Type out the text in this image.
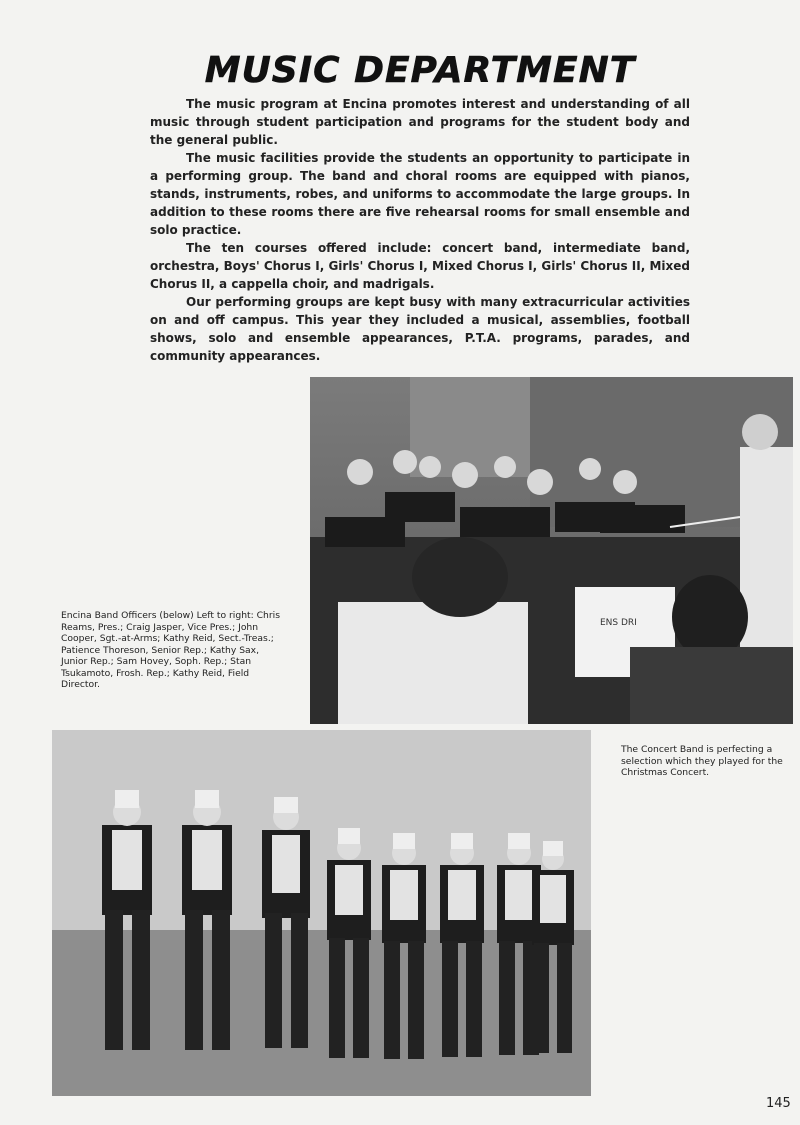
MUSIC DEPARTMENT

The music program at Encina promotes interest and understanding of all music through student participation and programs for the student body and the general public.

The music facilities provide the students an opportunity to participate in a performing group. The band and choral rooms are equipped with pianos, stands, instruments, robes, and uniforms to accommodate the large groups. In addition to these rooms there are five rehearsal rooms for small ensemble and solo practice.

The ten courses offered include: concert band, intermediate band, orchestra, Boys' Chorus I, Girls' Chorus I, Mixed Chorus I, Girls' Chorus II, Mixed Chorus II, a cappella choir, and madrigals.

Our performing groups are kept busy with many extracurricular activities on and off campus. This year they included a musical, assemblies, football shows, solo and ensemble appearances, P.T.A. programs, parades, and community appearances.

ENS DRI
Encina Band Officers (below) Left to right: Chris Reams, Pres.; Craig Jasper, Vice Pres.; John Cooper, Sgt.-at-Arms; Kathy Reid, Sect.-Treas.; Patience Thoreson, Senior Rep.; Kathy Sax, Junior Rep.; Sam Hovey, Soph. Rep.; Stan Tsukamoto, Frosh. Rep.; Kathy Reid, Field Director.
The Concert Band is perfecting a selection which they played for the Christmas Concert.
145
